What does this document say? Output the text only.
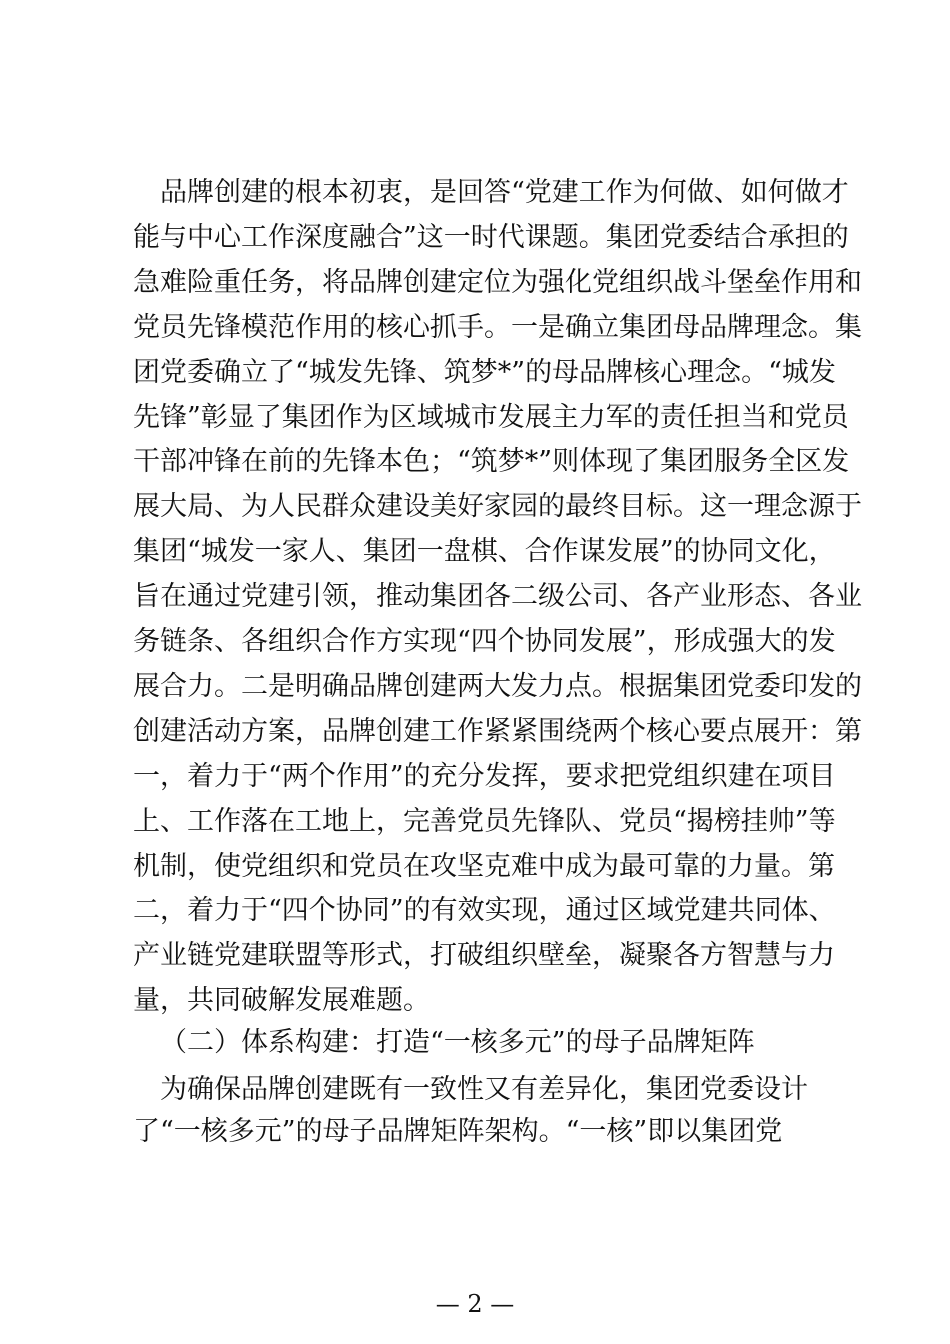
品牌创建的根本初衷，是回答“党建工作为何做、如何做才
能与中心工作深度融合”这一时代课题。集团党委结合承担的
急难险重任务，将品牌创建定位为强化党组织战斗堡垒作用和
党员先锋模范作用的核心抓手。一是确立集团母品牌理念。集
团党委确立了“城发先锋、筑梦*”的母品牌核心理念。“城发
先锋”彰显了集团作为区域城市发展主力军的责任担当和党员
干部冲锋在前的先锋本色；“筑梦*”则体现了集团服务全区发
展大局、为人民群众建设美好家园的最终目标。这一理念源于
集团“城发一家人、集团一盘棋、合作谋发展”的协同文化，
旨在通过党建引领，推动集团各二级公司、各产业形态、各业
务链条、各组织合作方实现“四个协同发展”，形成强大的发
展合力。二是明确品牌创建两大发力点。根据集团党委印发的
创建活动方案，品牌创建工作紧紧围绕两个核心要点展开：第
一，着力于“两个作用”的充分发挥，要求把党组织建在项目
上、工作落在工地上，完善党员先锋队、党员“揭榜挂帅”等
机制，使党组织和党员在攻坚克难中成为最可靠的力量。第
二，着力于“四个协同”的有效实现，通过区域党建共同体、
产业链党建联盟等形式，打破组织壁垒，凝聚各方智慧与力
量，共同破解发展难题。
（二）体系构建：打造“一核多元”的母子品牌矩阵
为确保品牌创建既有一致性又有差异化，集团党委设计
了“一核多元”的母子品牌矩阵架构。“一核”即以集团党
— 2 —
